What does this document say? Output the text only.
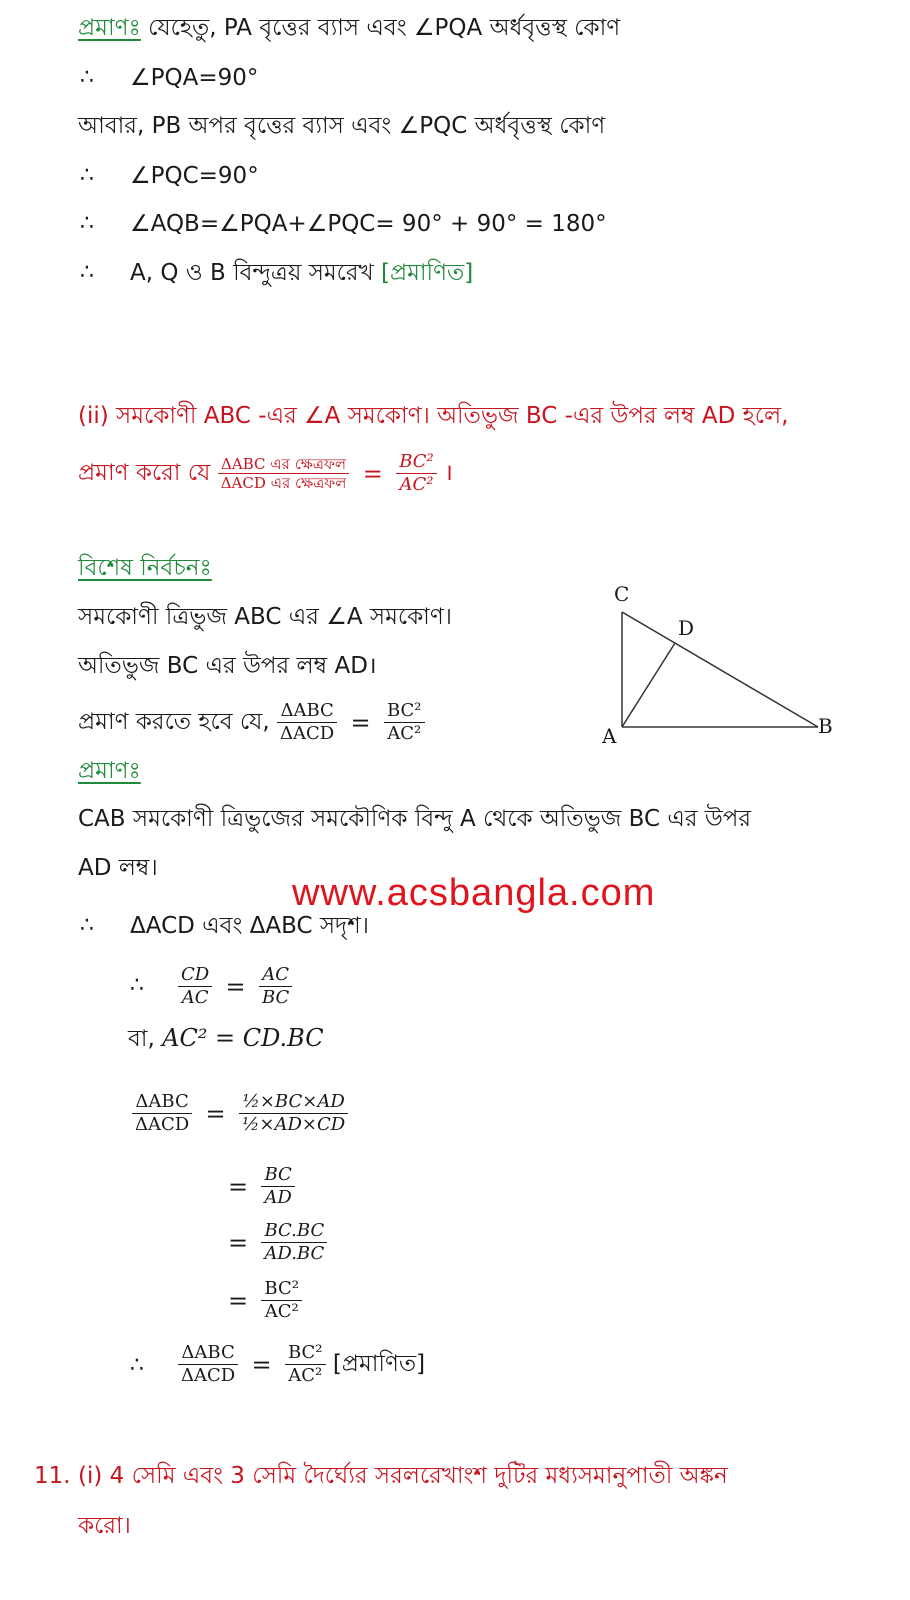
প্রমাণঃ যেহেতু, PA বৃত্তের ব্যাস এবং ∠PQA অর্ধবৃত্তস্থ কোণ
∴ ∠PQA=90°
আবার, PB অপর বৃত্তের ব্যাস এবং ∠PQC অর্ধবৃত্তস্থ কোণ
∴ ∠PQC=90°
∴ ∠AQB=∠PQA+∠PQC= 90° + 90° = 180°
∴ A, Q ও B বিন্দুত্রয় সমরেখ [প্রমাণিত]
(ii) সমকোণী ABC -এর ∠A সমকোণ। অতিভুজ BC -এর উপর লম্ব AD হলে,
প্রমাণ করো যে $\frac{\text{ΔABC এর ক্ষেত্রফল}}{\text{ΔACD এর ক্ষেত্রফল}} = \frac{\text{BC²}}{\text{AC²}}$ ।
বিশেষ নির্বচনঃ
সমকোণী ত্রিভুজ ABC এর ∠A সমকোণ।
অতিভুজ BC এর উপর লম্ব AD।
প্রমাণ করতে হবে যে, $\frac{\text{ΔABC}}{\text{ΔACD}} = \frac{\text{BC²}}{\text{AC²}}$
C
D
A	B
প্রমাণঃ
CAB সমকোণী ত্রিভুজের সমকৌণিক বিন্দু A থেকে অতিভুজ BC এর উপর
AD লম্ব।
www.acsbangla.com
∴ ΔACD এবং ΔABC সদৃশ।
∴ $\frac{CD}{AC} = \frac{AC}{BC}$
বা, AC² = CD.BC
$\frac{\text{ΔABC}}{\text{ΔACD}} = \frac{\text{½×BC×AD}}{\text{½×AD×CD}}$
= $\frac{BC}{AD}$
= $\frac{BC.BC}{AD.BC}$
= $\frac{\text{BC²}}{\text{AC²}}$
∴ $\frac{\text{ΔABC}}{\text{ΔACD}} = \frac{\text{BC²}}{\text{AC²}}$ [প্রমাণিত]
11. (i) 4 সেমি এবং 3 সেমি দৈর্ঘ্যের সরলরেখাংশ দুটির মধ্যসমানুপাতী অঙ্কন
করো।
